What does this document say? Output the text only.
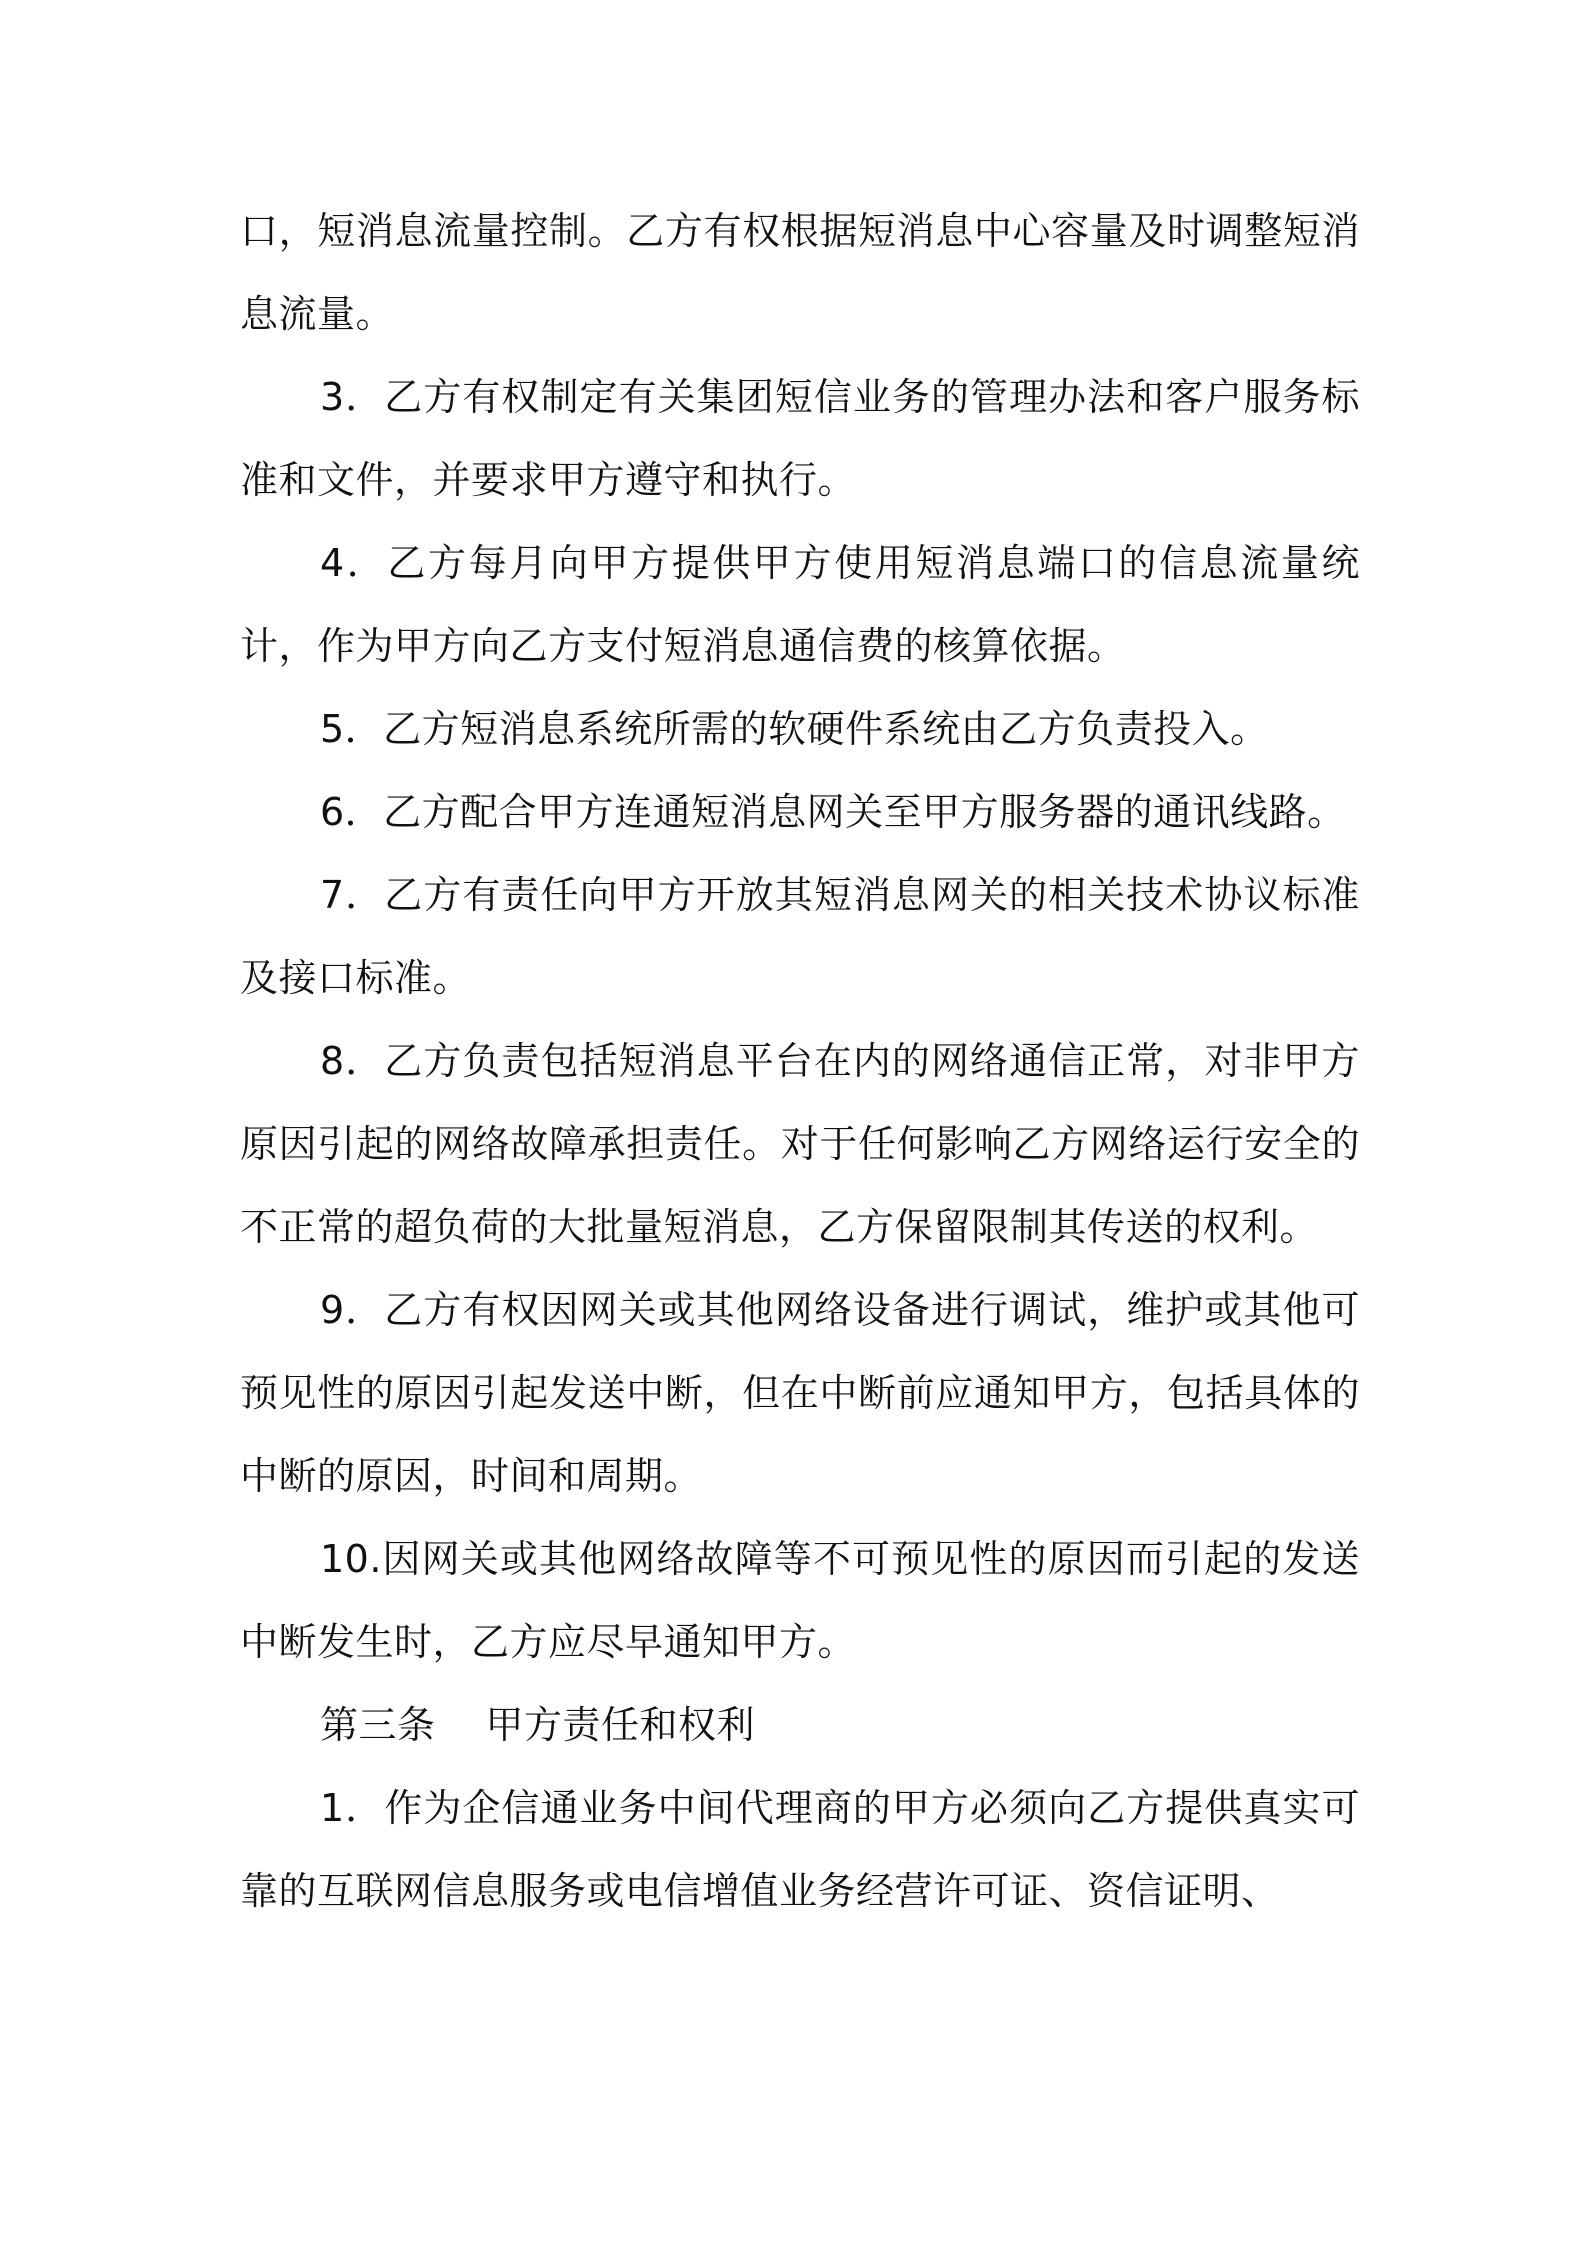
口，短消息流量控制。乙方有权根据短消息中心容量及时调整短消息流量。

3．乙方有权制定有关集团短信业务的管理办法和客户服务标准和文件，并要求甲方遵守和执行。

4．乙方每月向甲方提供甲方使用短消息端口的信息流量统计，作为甲方向乙方支付短消息通信费的核算依据。

5．乙方短消息系统所需的软硬件系统由乙方负责投入。

6．乙方配合甲方连通短消息网关至甲方服务器的通讯线路。

7．乙方有责任向甲方开放其短消息网关的相关技术协议标准及接口标准。

8．乙方负责包括短消息平台在内的网络通信正常，对非甲方原因引起的网络故障承担责任。对于任何影响乙方网络运行安全的不正常的超负荷的大批量短消息，乙方保留限制其传送的权利。

9．乙方有权因网关或其他网络设备进行调试，维护或其他可预见性的原因引起发送中断，但在中断前应通知甲方，包括具体的中断的原因，时间和周期。

10.因网关或其他网络故障等不可预见性的原因而引起的发送中断发生时，乙方应尽早通知甲方。

第三条 甲方责任和权利

1．作为企信通业务中间代理商的甲方必须向乙方提供真实可靠的互联网信息服务或电信增值业务经营许可证、资信证明、
